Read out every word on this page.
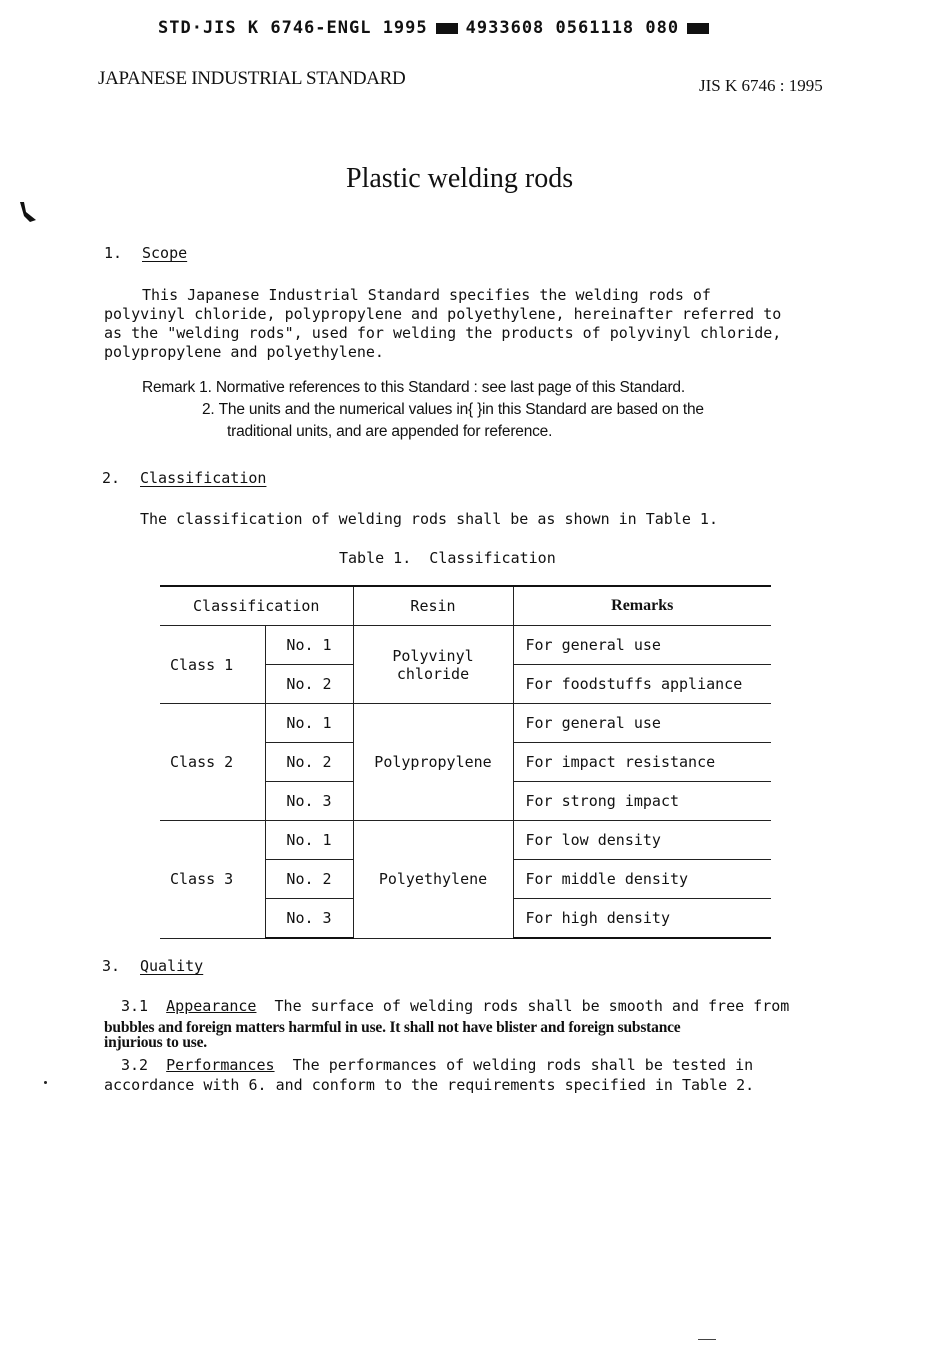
STD·JIS K 6746-ENGL 1995 4933608 0561118 080
JAPANESE INDUSTRIAL STANDARD	JIS K 6746 : 1995
Plastic welding rods
1. Scope
This Japanese Industrial Standard specifies the welding rods of
polyvinyl chloride, polypropylene and polyethylene, hereinafter referred to
as the "welding rods", used for welding the products of polyvinyl chloride,
polypropylene and polyethylene.
Remark 1. Normative references to this Standard : see last page of this Standard.
2. The units and the numerical values in{ }in this Standard are based on the
traditional units, and are appended for reference.
2. Classification
The classification of welding rods shall be as shown in Table 1.
Table 1.  Classification
Classification		Resin	Remarks
Class 1	No. 1	Polyvinyl chloride	For general use
	No. 2		For foodstuffs appliance
Class 2	No. 1	Polypropylene	For general use
	No. 2		For impact resistance
	No. 3		For strong impact
Class 3	No. 1	Polyethylene	For low density
	No. 2		For middle density
	No. 3		For high density
3. Quality
3.1 Appearance The surface of welding rods shall be smooth and free from
bubbles and foreign matters harmful in use. It shall not have blister and foreign substance
injurious to use.
3.2 Performances The performances of welding rods shall be tested in
accordance with 6. and conform to the requirements specified in Table 2.
